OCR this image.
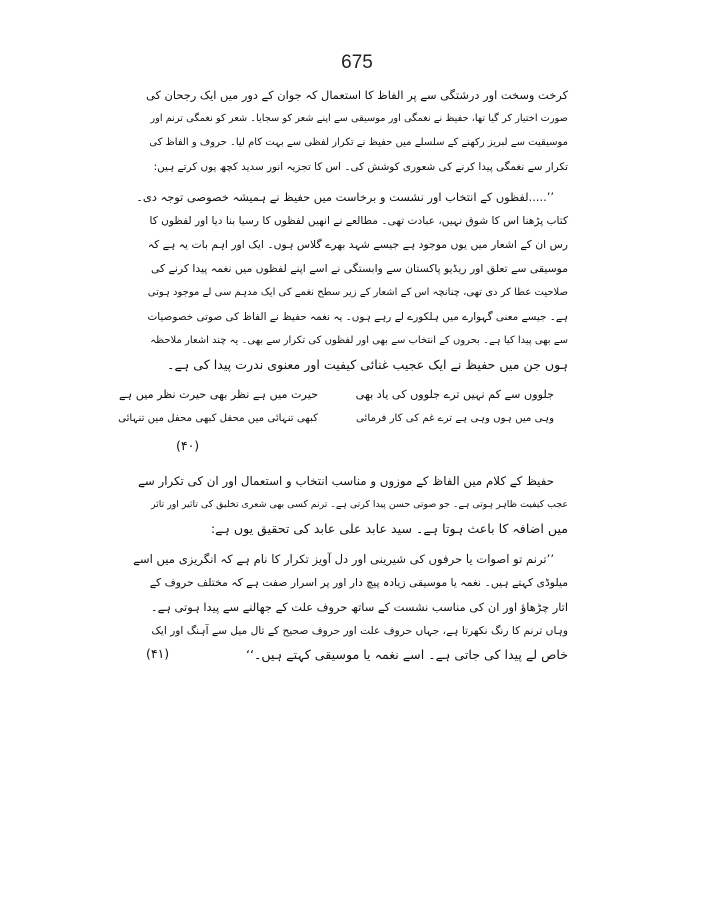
675
کرخت وسخت اور درشتگی سے پر الفاظ کا استعمال کہ جوان کے دور میں ایک رجحان کی
صورت اختیار کر گیا تھا، حفیظ نے نغمگی اور موسیقی سے اپنے شعر کو سجایا۔ شعر کو نغمگی ترنم اور
موسیقیت سے لبریز رکھنے کے سلسلے میں حفیظ نے تکرار لفظی سے بہت کام لیا۔ حروف و الفاظ کی
تکرار سے نغمگی پیدا کرنے کی شعوری کوشش کی۔ اس کا تجزیہ انور سدید کچھ یوں کرتے ہیں:
’’.....لفظوں کے انتخاب اور نشست و برخاست میں حفیظ نے ہمیشہ خصوصی توجہ دی۔
کتاب پڑھنا اس کا شوق نہیں، عبادت تھی۔ مطالعے نے انھیں لفظوں کا رسیا بنا دیا اور لفظوں کا
رس ان کے اشعار میں یوں موجود ہے جیسے شہد بھرے گلاس ہوں۔ ایک اور اہم بات یہ ہے کہ
موسیقی سے تعلق اور ریڈیو پاکستان سے وابستگی نے اسے اپنے لفظوں میں نغمہ پیدا کرنے کی
صلاحیت عطا کر دی تھی، چنانچہ اس کے اشعار کے زیر سطح نغمے کی ایک مدہم سی لے موجود ہوتی
ہے۔ جیسے معنی گہوارے میں ہلکورے لے رہے ہوں۔ یہ نغمہ حفیظ نے الفاظ کی صوتی خصوصیات
سے بھی پیدا کیا ہے۔ بحروں کے انتخاب سے بھی اور لفظوں کی تکرار سے بھی۔ یہ چند اشعار ملاحظہ
ہوں جن میں حفیظ نے ایک عجیب غنائی کیفیت اور معنوی ندرت پیدا کی ہے۔
جلووں سے کم نہیں ترے جلووں کی یاد بھی
حیرت میں ہے نظر بھی حیرت نظر میں ہے
وہی میں ہوں وہی ہے ترے غم کی کار فرمائی
کبھی تنہائی میں محفل کبھی محفل میں تنہائی
(۴۰)
حفیظ کے کلام میں الفاظ کے موزوں و مناسب انتخاب و استعمال اور ان کی تکرار سے
عجب کیفیت ظاہر ہوتی ہے۔ جو صوتی حسن پیدا کرتی ہے۔ ترنم کسی بھی شعری تخلیق کی تاثیر اور تاثر
میں اضافہ کا باعث ہوتا ہے۔ سید عابد علی عابد کی تحقیق یوں ہے:
’’ترنم تو اصوات یا حرفوں کی شیرینی اور دل آویز تکرار کا نام ہے کہ انگریزی میں اسے
میلوڈی کہتے ہیں۔ نغمہ یا موسیقی زیادہ پیچ دار اور پر اسرار صفت ہے کہ مختلف حروف کے
اتار چڑھاؤ اور ان کی مناسب نشست کے ساتھ حروف علت کے جھالنے سے پیدا ہوتی ہے۔
وہاں ترنم کا رنگ نکھرتا ہے، جہاں حروف علت اور حروف صحیح کے تال میل سے آہنگ اور ایک
خاص لے پیدا کی جاتی ہے۔ اسے نغمہ یا موسیقی کہتے ہیں۔‘‘
(۴۱)
